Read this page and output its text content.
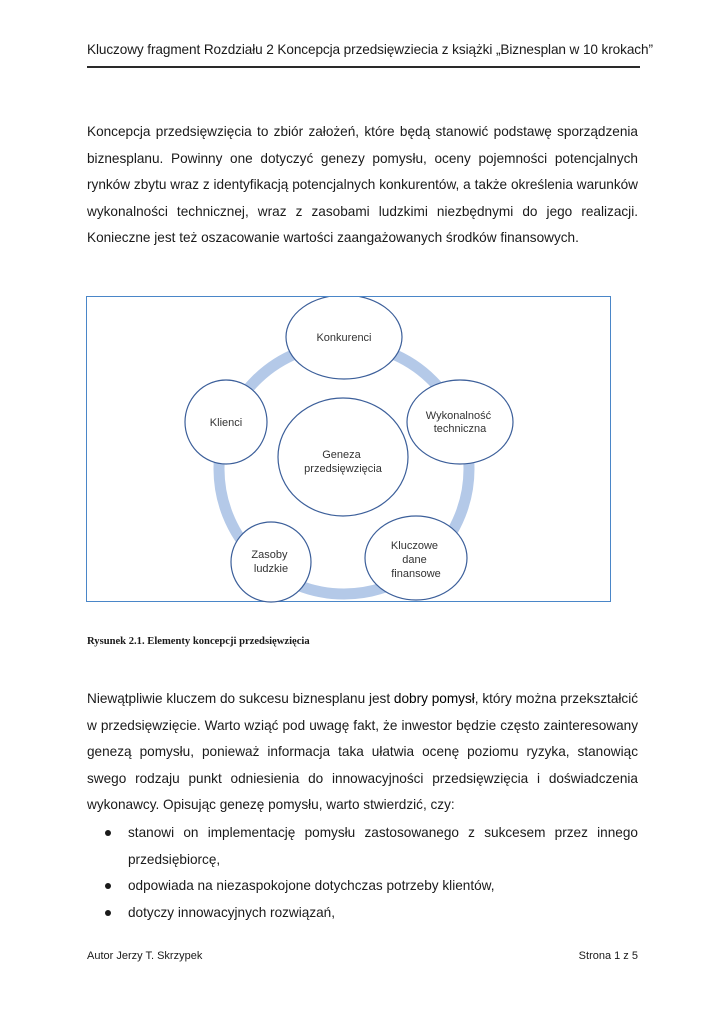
Kluczowy fragment Rozdziału 2 Koncepcja przedsięwziecia z książki „Biznesplan w 10 krokach”

Koncepcja przedsięwzięcia to zbiór założeń, które będą stanowić podstawę sporządzenia biznesplanu. Powinny one dotyczyć genezy pomysłu, oceny pojemności potencjalnych rynków zbytu wraz z identyfikacją potencjalnych konkurentów, a także określenia warunków wykonalności technicznej, wraz z zasobami ludzkimi niezbędnymi do jego realizacji. Konieczne jest też oszacowanie wartości zaangażowanych środków finansowych.

Geneza przedsięwzięcia
Konkurenci
Wykonalność techniczna
Kluczowe dane finansowe
Zasoby ludzkie
Klienci
Rysunek 2.1. Elementy koncepcji przedsięwzięcia

Niewątpliwie kluczem do sukcesu biznesplanu jest dobry pomysł, który można przekształcić w przedsięwzięcie. Warto wziąć pod uwagę fakt, że inwestor będzie często zainteresowany genezą pomysłu, ponieważ informacja taka ułatwia ocenę poziomu ryzyka, stanowiąc swego rodzaju punkt odniesienia do innowacyjności przedsięwzięcia i doświadczenia wykonawcy. Opisując genezę pomysłu, warto stwierdzić, czy:

stanowi on implementację pomysłu zastosowanego z sukcesem przez innego przedsiębiorcę,
odpowiada na niezaspokojone dotychczas potrzeby klientów,
dotyczy innowacyjnych rozwiązań,
Autor Jerzy T. Skrzypek	Strona 1 z 5
